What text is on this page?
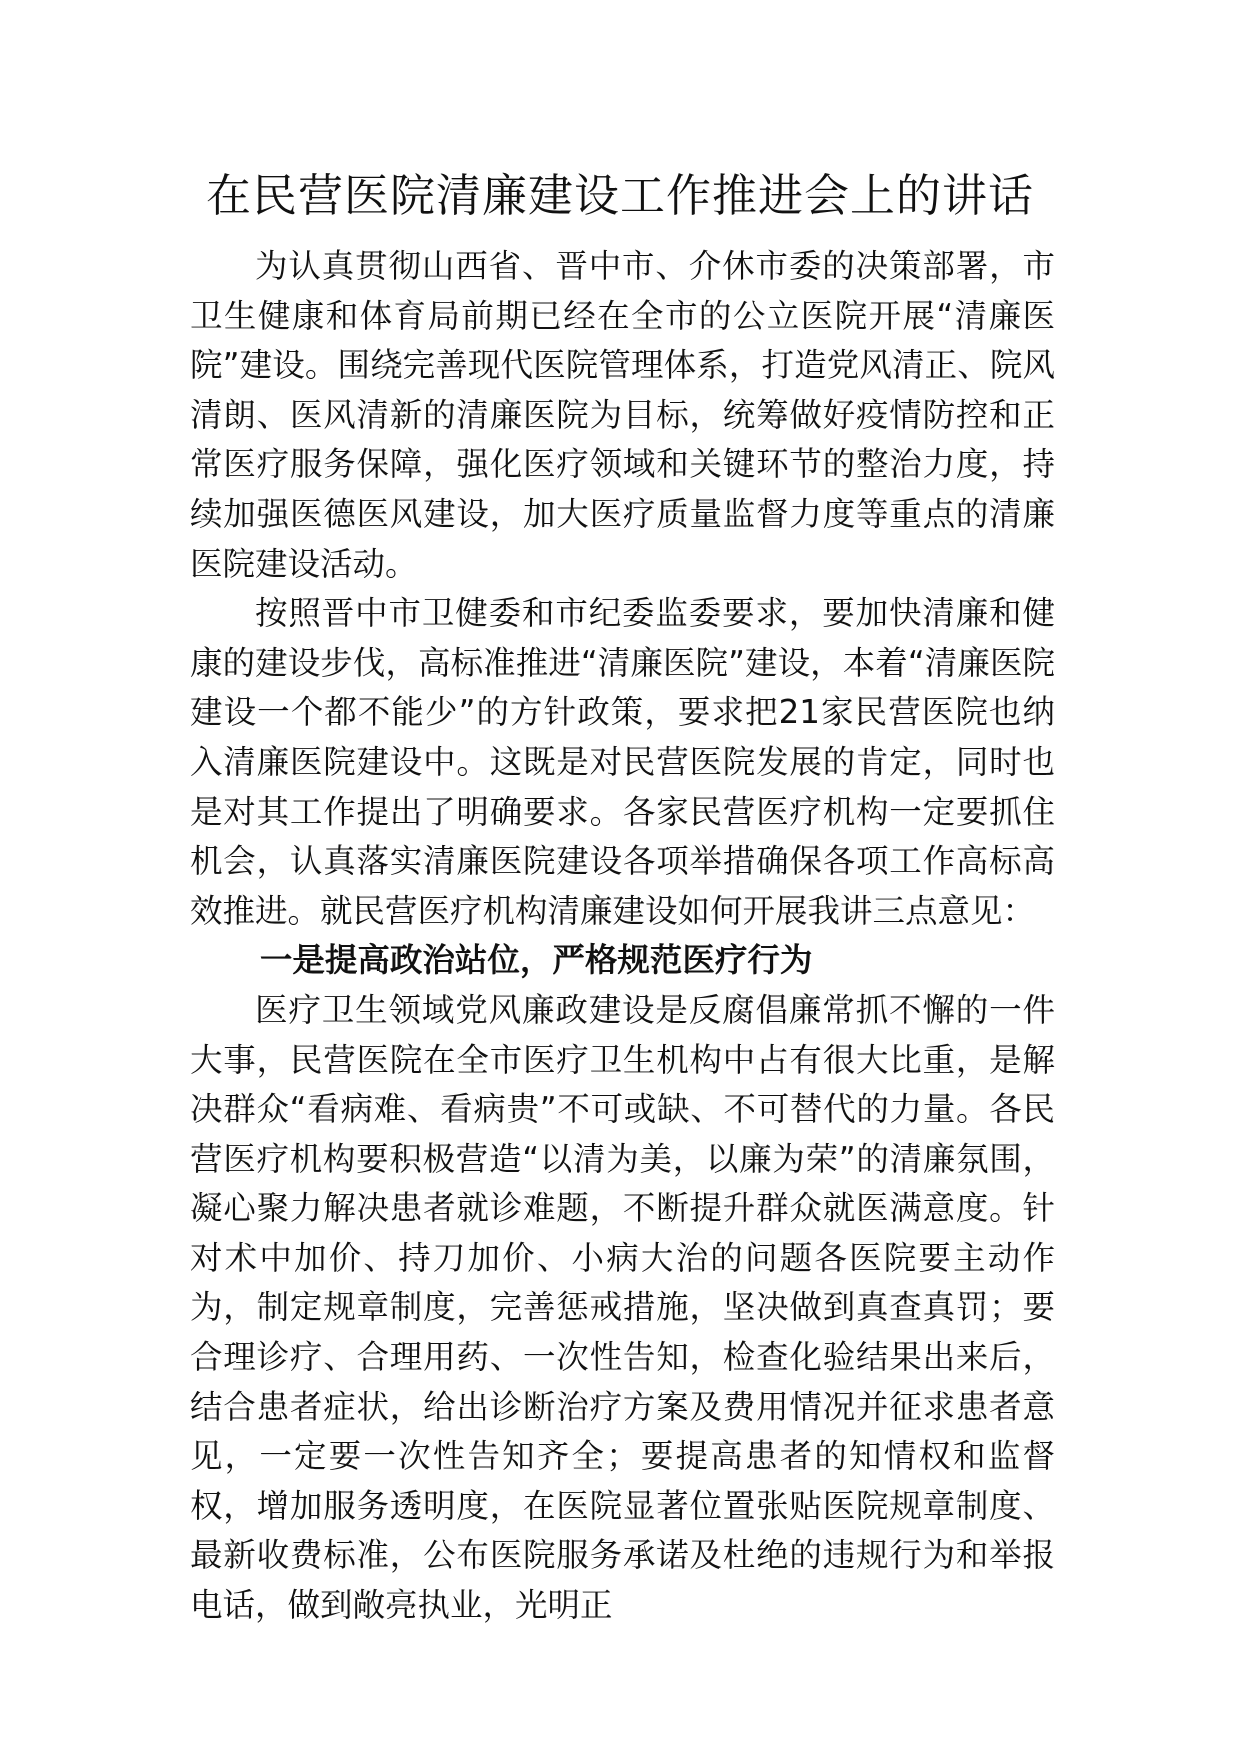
在民营医院清廉建设工作推进会上的讲话

为认真贯彻山西省、晋中市、介休市委的决策部署，市卫生健康和体育局前期已经在全市的公立医院开展“清廉医院”建设。围绕完善现代医院管理体系，打造党风清正、院风清朗、医风清新的清廉医院为目标，统筹做好疫情防控和正常医疗服务保障，强化医疗领域和关键环节的整治力度，持续加强医德医风建设，加大医疗质量监督力度等重点的清廉医院建设活动。

按照晋中市卫健委和市纪委监委要求，要加快清廉和健康的建设步伐，高标准推进“清廉医院”建设，本着“清廉医院建设一个都不能少”的方针政策，要求把21家民营医院也纳入清廉医院建设中。这既是对民营医院发展的肯定，同时也是对其工作提出了明确要求。各家民营医疗机构一定要抓住机会，认真落实清廉医院建设各项举措确保各项工作高标高效推进。就民营医疗机构清廉建设如何开展我讲三点意见：

一是提高政治站位，严格规范医疗行为

医疗卫生领域党风廉政建设是反腐倡廉常抓不懈的一件大事，民营医院在全市医疗卫生机构中占有很大比重，是解决群众“看病难、看病贵”不可或缺、不可替代的力量。各民营医疗机构要积极营造“以清为美，以廉为荣”的清廉氛围，凝心聚力解决患者就诊难题，不断提升群众就医满意度。针对术中加价、持刀加价、小病大治的问题各医院要主动作为，制定规章制度，完善惩戒措施，坚决做到真查真罚；要合理诊疗、合理用药、一次性告知，检查化验结果出来后，结合患者症状，给出诊断治疗方案及费用情况并征求患者意见，一定要一次性告知齐全；要提高患者的知情权和监督权，增加服务透明度，在医院显著位置张贴医院规章制度、最新收费标准，公布医院服务承诺及杜绝的违规行为和举报电话，做到敞亮执业，光明正
